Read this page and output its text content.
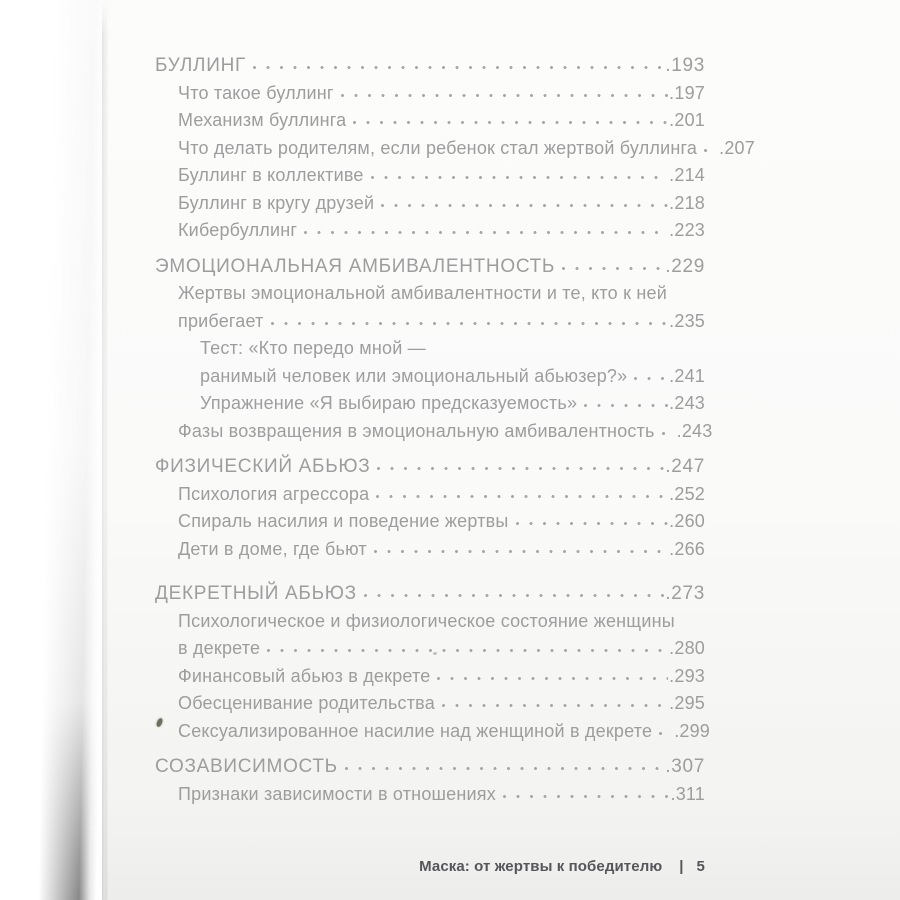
БУЛЛИНГ	. 193
Что такое буллинг	. 197
Механизм буллинга	. 201
Что делать родителям, если ребенок стал жертвой буллинга . 207
Буллинг в коллективе	. 214
Буллинг в кругу друзей	. 218
Кибербуллинг	. 223
ЭМОЦИОНАЛЬНАЯ АМБИВАЛЕНТНОСТЬ	. 229
Жертвы эмоциональной амбивалентности и те, кто к ней
прибегает	. 235
Тест: «Кто передо мной —
ранимый человек или эмоциональный абьюзер?»	. 241
Упражнение «Я выбираю предсказуемость»	. 243
Фазы возвращения в эмоциональную амбивалентность . 243
ФИЗИЧЕСКИЙ АБЬЮЗ	. 247
Психология агрессора	. 252
Спираль насилия и поведение жертвы	. 260
Дети в доме, где бьют	. 266
ДЕКРЕТНЫЙ АБЬЮЗ	. 273
Психологическое и физиологическое состояние женщины
в декрете	. 280
Финансовый абьюз в декрете	. 293
Обесценивание родительства	. 295
Сексуализированное насилие над женщиной в декрете . 299
СОЗАВИСИМОСТЬ	. 307
Признаки зависимости в отношениях	. 311
Маска: от жертвы к победителю | 5
